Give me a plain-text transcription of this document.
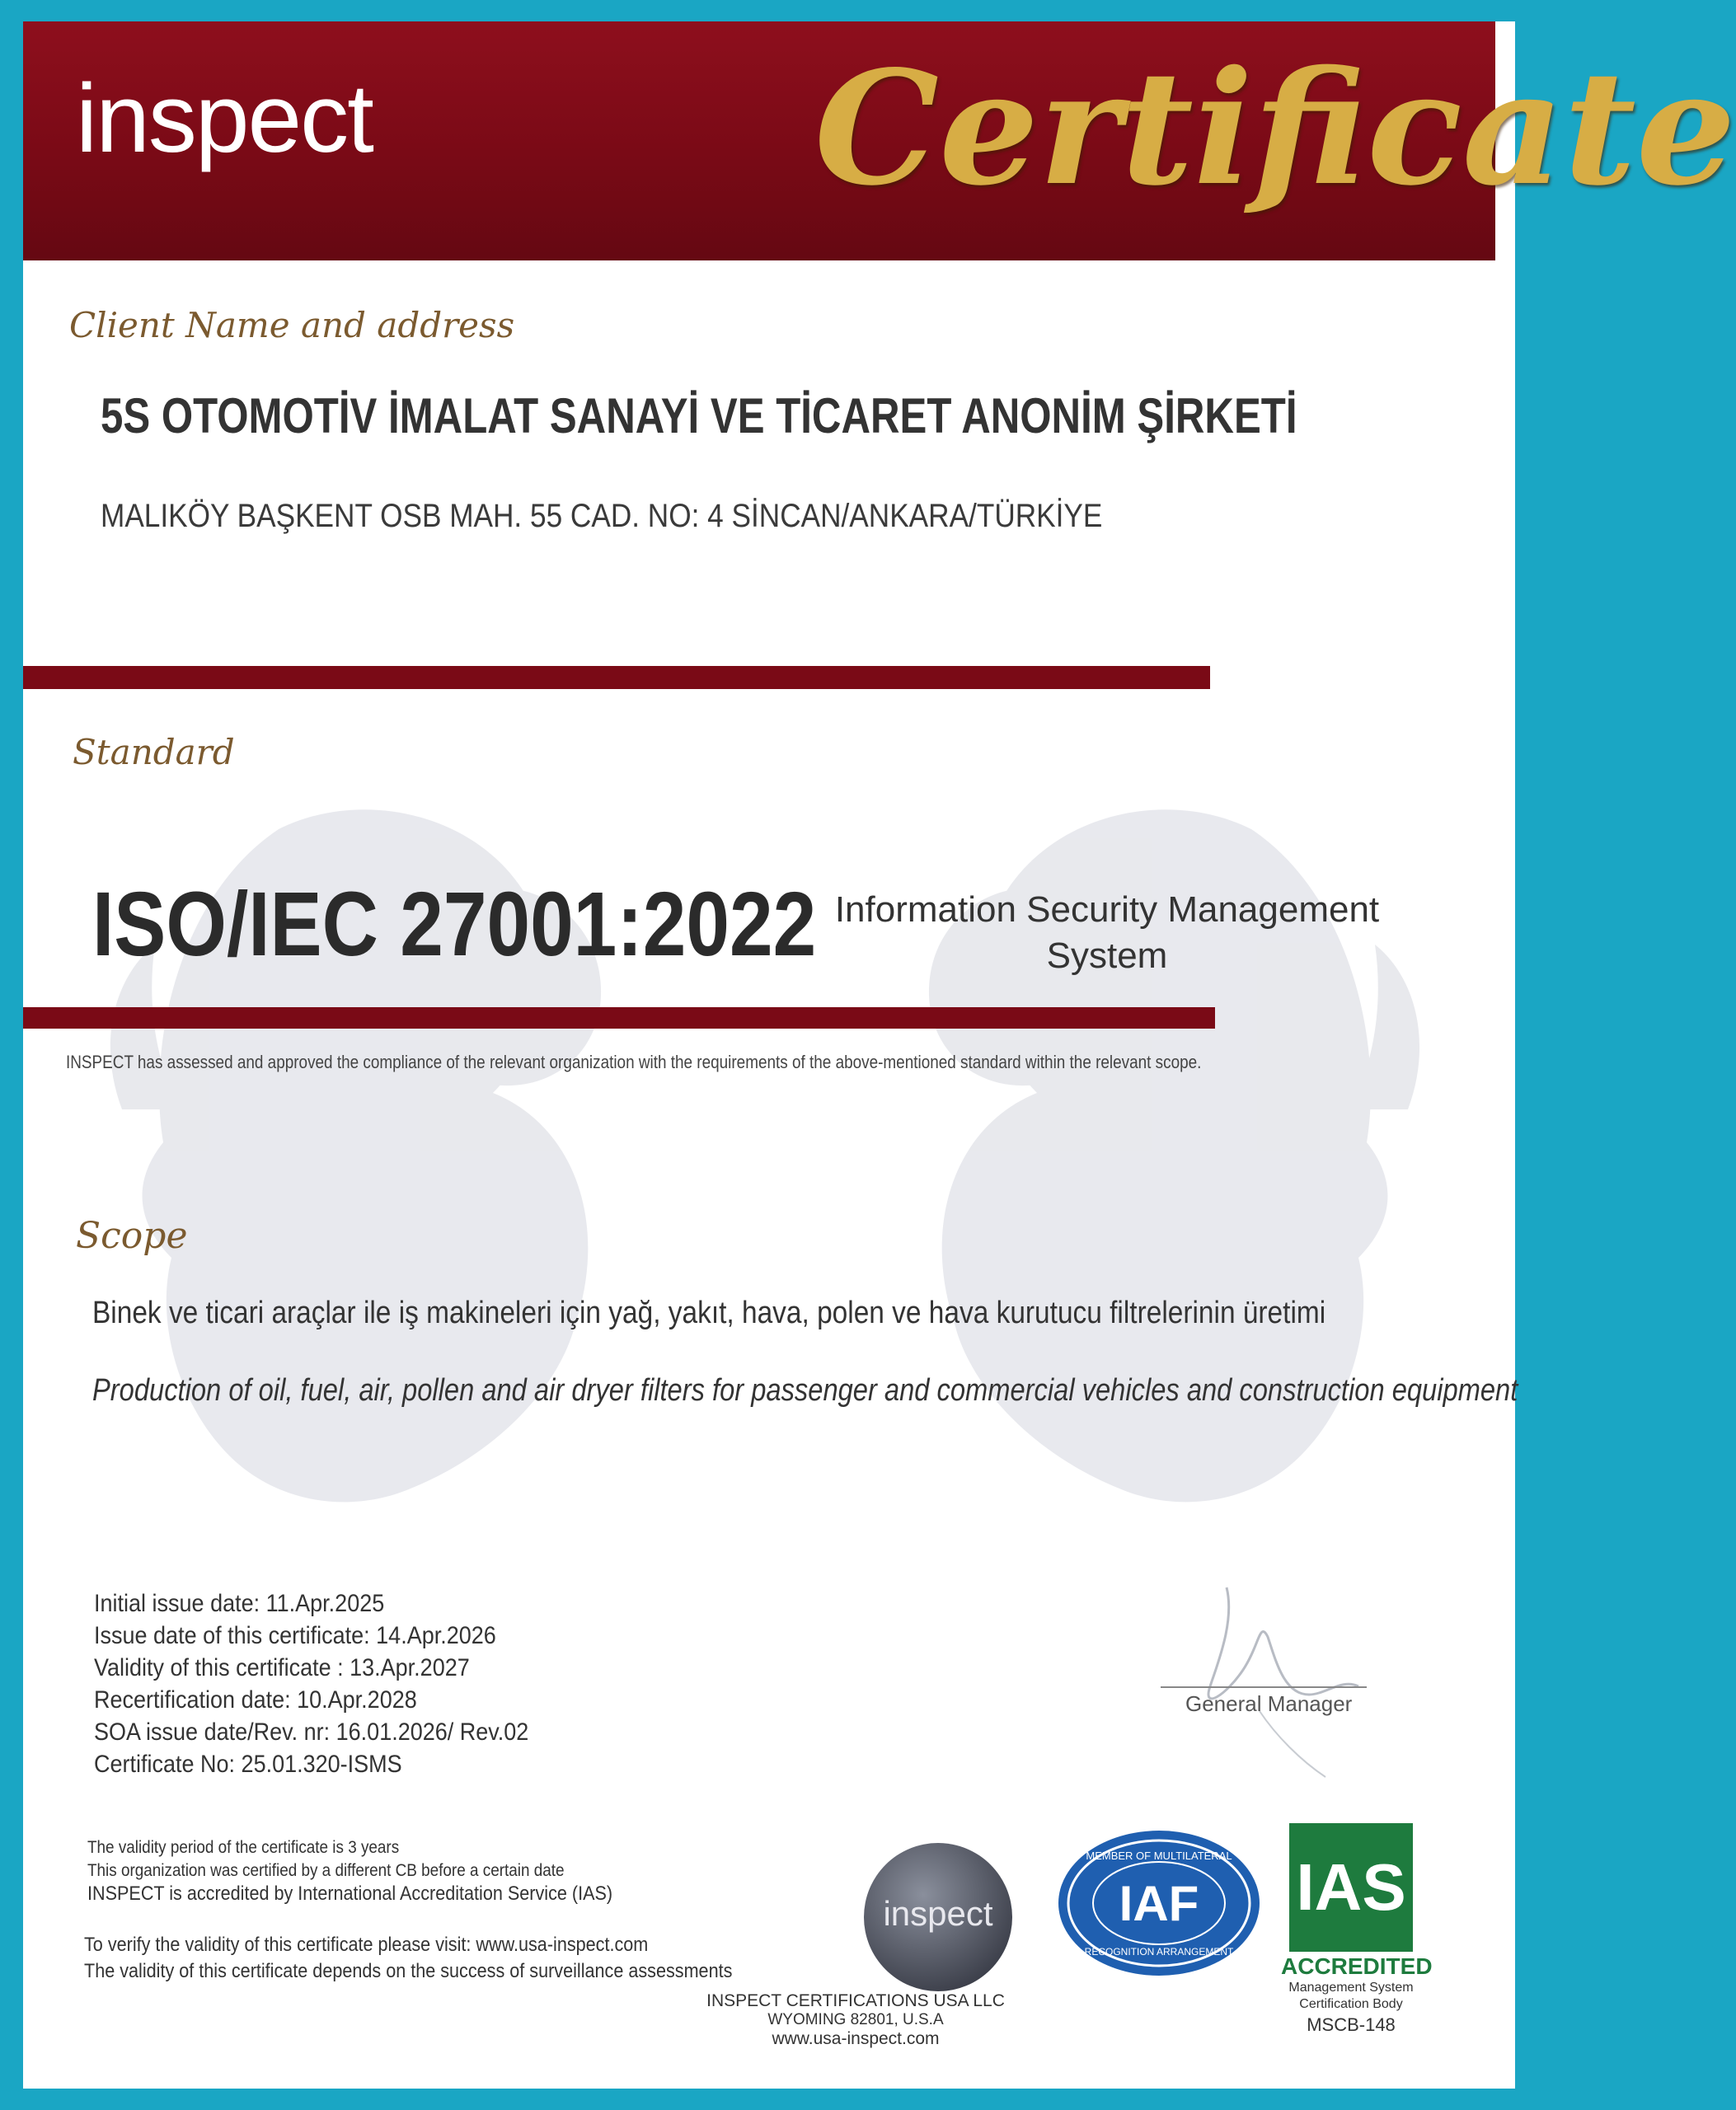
inspect	Certificate
Client Name and address
5S OTOMOTİV İMALAT SANAYİ VE TİCARET ANONİM ŞİRKETİ
MALIKÖY BAŞKENT OSB MAH. 55 CAD. NO: 4 SİNCAN/ANKARA/TÜRKİYE
Standard
ISO/IEC 27001:2022 Information Security Management
System
INSPECT has assessed and approved the compliance of the relevant organization with the requirements of the above-mentioned standard within the relevant scope.
Scope
Binek ve ticari araçlar ile iş makineleri için yağ, yakıt, hava, polen ve hava kurutucu filtrelerinin üretimi
Production of oil, fuel, air, pollen and air dryer filters for passenger and commercial vehicles and construction equipment
Initial issue date: 11.Apr.2025
Issue date of this certificate: 14.Apr.2026
Validity of this certificate : 13.Apr.2027
Recertification date: 10.Apr.2028
SOA issue date/Rev. nr: 16.01.2026/ Rev.02
Certificate No: 25.01.320-ISMS
General Manager
The validity period of the certificate is 3 years
This organization was certified by a different CB before a certain date
INSPECT is accredited by International Accreditation Service (IAS)
To verify the validity of this certificate please visit: www.usa-inspect.com
The validity of this certificate depends on the success of surveillance assessments
inspect
MEMBER OF MULTILATERAL
IAF
RECOGNITION ARRANGEMENT
IAS
ACCREDITED
Management System
Certification Body
MSCB-148
INSPECT CERTIFICATIONS USA LLC
WYOMING 82801, U.S.A
www.usa-inspect.com
